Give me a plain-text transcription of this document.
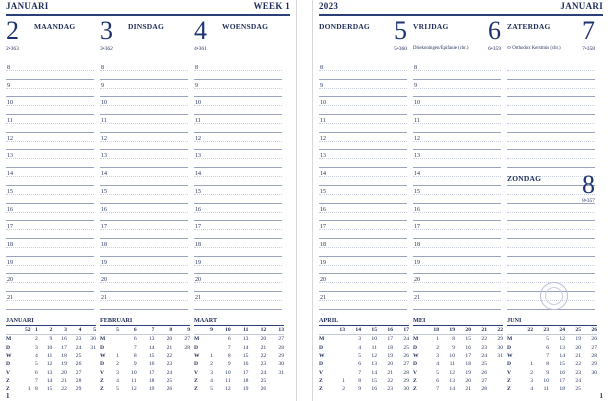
JANUARI	WEEK 1
2 MAANDAG
2•363
8
9
10
11
12
13
14
15
16
17
18
19
20
21
3 DINSDAG
3•362
8
9
10
11
12
13
14
15
16
17
18
19
20
21
4 WOENSDAG
4•361
8
9
10
11
12
13
14
15
16
17
18
19
20
21
JANUARI
	52	1	2	3	4	5
M		2	9	16	23	30
D		3	10	17	24	31
W		4	11	18	25	
D		5	12	19	26	
V		6	13	20	27	
Z		7	14	21	28	
Z	1	8	15	22	29	
FEBRUARI
	5	6	7	8	9
M		6	13	20	27
D		7	14	21	28
W	1	8	15	22	
D	2	9	16	23	
V	3	10	17	24	
Z	4	11	18	25	
Z	5	12	19	26	
MAART
	9	10	11	12	13
M		6	13	20	27
D		7	14	21	28
W	1	8	15	22	29
D	2	9	16	23	30
V	3	10	17	24	31
Z	4	11	18	25	
Z	5	12	19	26	
1
2023	JANUARI
DONDERDAG 5
5•360
8
9
10
11
12
13
14
15
16
17
18
19
20
21
VRIJDAG 6
Driekoningen/Epifanie (chr.)	6•359
8
9
10
11
12
13
14
15
16
17
18
19
20
21
ZATERDAG 7
⊙ Orthodox Kerstmis (chr.)	7•358
ZONDAG 8
8•357
APRIL
	13	14	15	16	17
M		3	10	17	24
D		4	11	18	25
W		5	12	19	26
D		6	13	20	27
V		7	14	21	28
Z	1	8	15	22	29
Z	2	9	16	23	30
MEI
	18	19	20	21	22
M	1	8	15	22	29
D	2	9	16	23	30
W	3	10	17	24	31
D	4	11	18	25	
V	5	12	19	26	
Z	6	13	20	27	
Z	7	14	21	28	
JUNI
	22	23	24	25	26
M		5	12	19	26
D		6	13	20	27
W		7	14	21	28
D	1	8	15	22	29
V	2	9	16	23	30
Z	3	10	17	24	
Z	4	11	18	25	
1
